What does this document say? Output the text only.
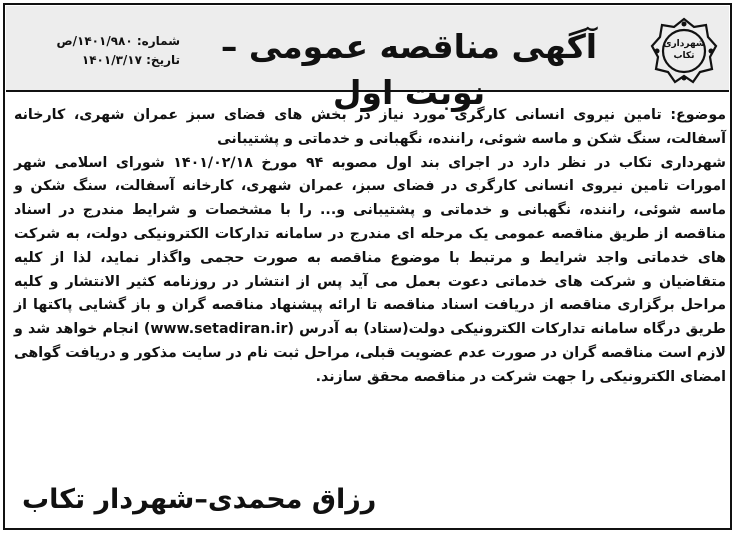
شماره: ۱۴۰۱/۹۸۰/ص
تاریخ: ۱۴۰۱/۳/۱۷	آگهی مناقصه عمومی – نوبت اول
شهرداری
تکاب

موضوع: تامین نیروی انسانی کارگری مورد نیاز در بخش های فضای سبز عمران شهری، کارخانه آسفالت، سنگ شکن و ماسه شوئی، راننده، نگهبانی و خدماتی و پشتیبانی

شهرداری تکاب در نظر دارد در اجرای بند اول مصوبه ۹۴ مورخ ۱۴۰۱/۰۲/۱۸ شورای اسلامی شهر امورات تامین نیروی انسانی کارگری در فضای سبز، عمران شهری، کارخانه آسفالت، سنگ شکن و ماسه شوئی، راننده، نگهبانی و خدماتی و پشتیبانی و... را با مشخصات و شرایط مندرج در اسناد مناقصه از طریق مناقصه عمومی یک مرحله ای مندرج در سامانه تدارکات الکترونیکی دولت، به شرکت های خدماتی واجد شرایط و مرتبط با موضوع مناقصه به صورت حجمی واگذار نماید، لذا از کلیه متقاضیان و شرکت های خدماتی دعوت بعمل می آید پس از انتشار در روزنامه کثیر الانتشار و کلیه مراحل برگزاری مناقصه از دریافت اسناد مناقصه تا ارائه پیشنهاد مناقصه گران و باز گشایی پاکتها از طریق درگاه سامانه تدارکات الکترونیکی دولت(ستاد) به آدرس (www.setadiran.ir) انجام خواهد شد و لازم است مناقصه گران در صورت عدم عضویت قبلی، مراحل ثبت نام در سایت مذکور و دریافت گواهی امضای الکترونیکی را جهت شرکت در مناقصه محقق سازند.

رزاق محمدی–شهردار تکاب
